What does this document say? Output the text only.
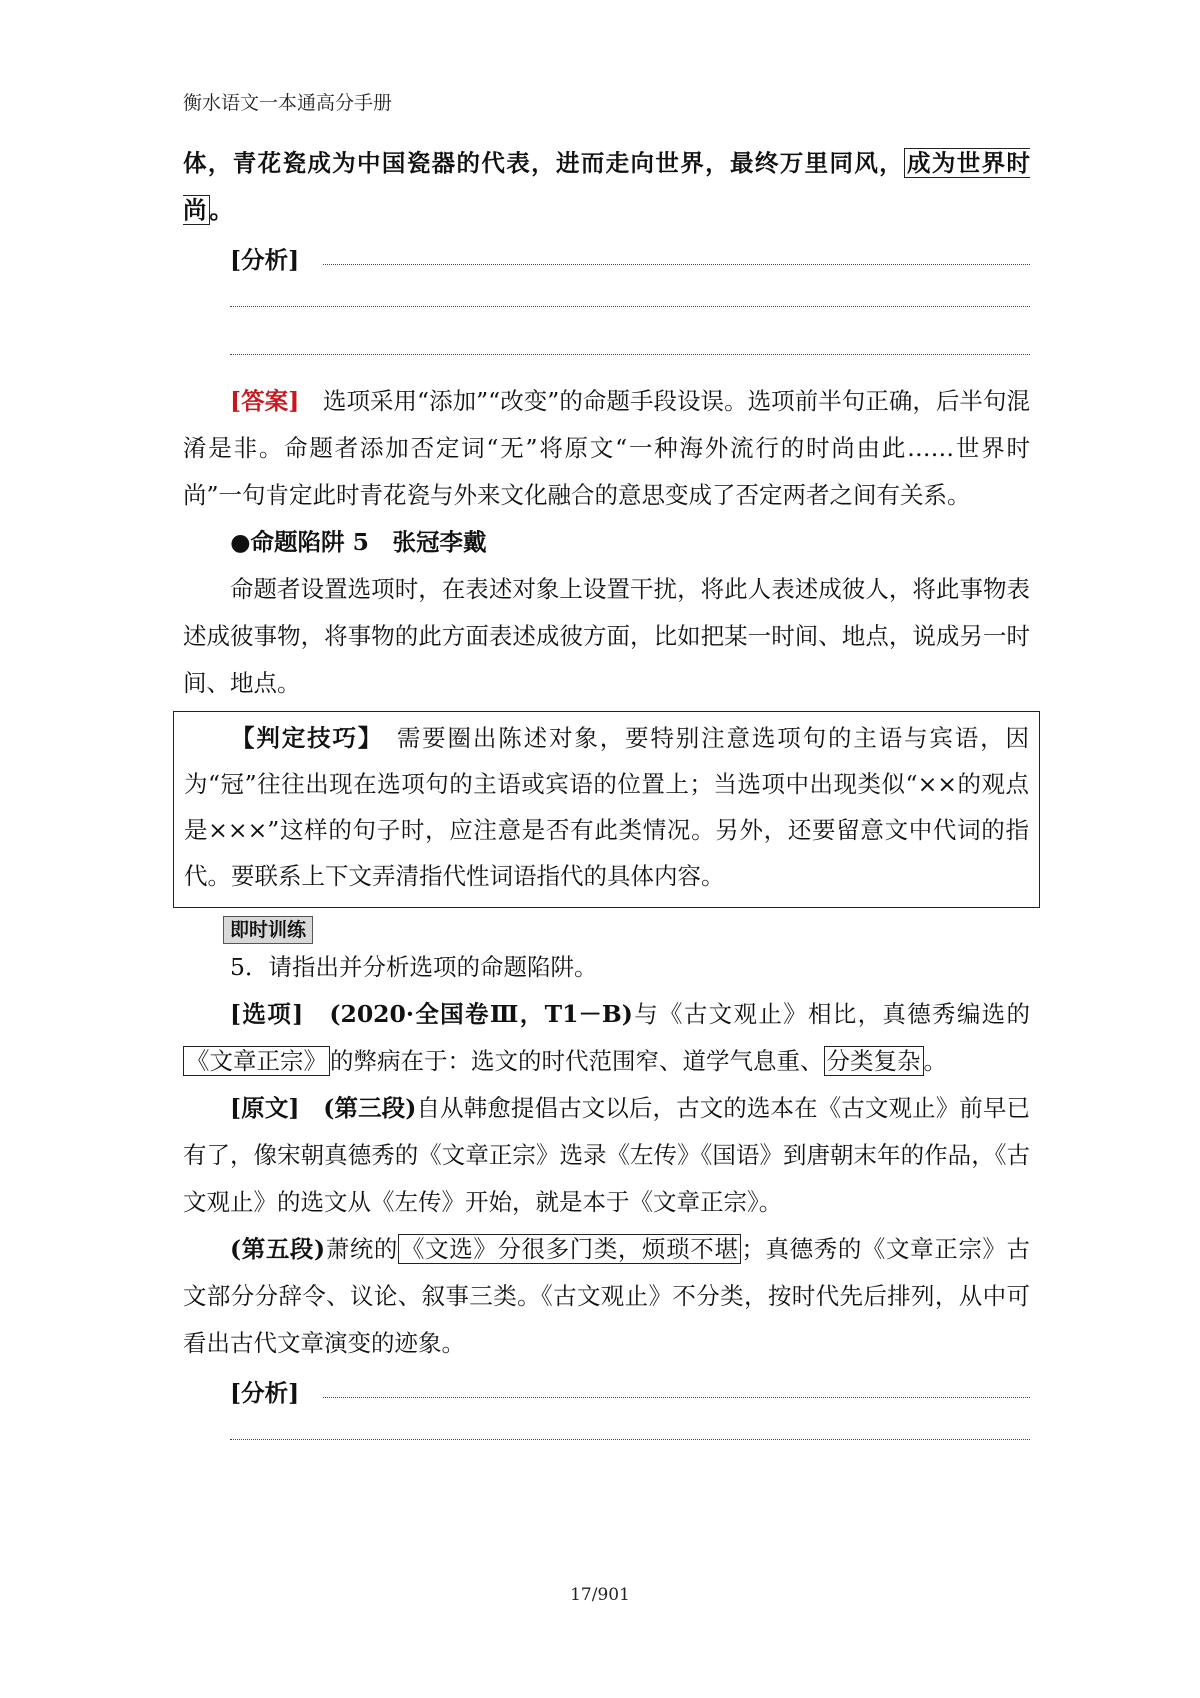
衡水语文一本通高分手册

体，青花瓷成为中国瓷器的代表，进而走向世界，最终万里同风， 成为世界时尚 。

[分析]

[答案]　 选项采用“添加”“改变”的命题手段设误。选项前半句正确，后半句混淆是非。命题者添加否定词“无”将原文“一种海外流行的时尚由此……世界时尚”一句肯定此时青花瓷与外来文化融合的意思变成了否定两者之间有关系。

●命题陷阱 5　张冠李戴

命题者设置选项时，在表述对象上设置干扰，将此人表述成彼人，将此事物表述成彼事物，将事物的此方面表述成彼方面，比如把某一时间、地点，说成另一时间、地点。

【判定技巧】　 需要圈出陈述对象，要特别注意选项句的主语与宾语，因为“冠”往往出现在选项句的主语或宾语的位置上；当选项中出现类似“××的观点是×××”这样的句子时，应注意是否有此类情况。另外，还要留意文中代词的指代。要联系上下文弄清指代性词语指代的具体内容。

即时训练

5．请指出并分析选项的命题陷阱。

[选项]　 (2020·全国卷Ⅲ，T1－B)与《古文观止》相比，真德秀编选的《文章正宗》 的弊病在于：选文的时代范围窄、道学气息重、 分类复杂 。

[原文]　 (第三段)自从韩愈提倡古文以后，古文的选本在《古文观止》前早已有了，像宋朝真德秀的《文章正宗》选录《左传》《国语》到唐朝末年的作品，《古文观止》的选文从《左传》开始，就是本于《文章正宗》。

(第五段)萧统的 《文选》分很多门类，烦琐不堪 ；真德秀的《文章正宗》古文部分分辞令、议论、叙事三类。《古文观止》不分类，按时代先后排列，从中可看出古代文章演变的迹象。

[分析]
17/901
